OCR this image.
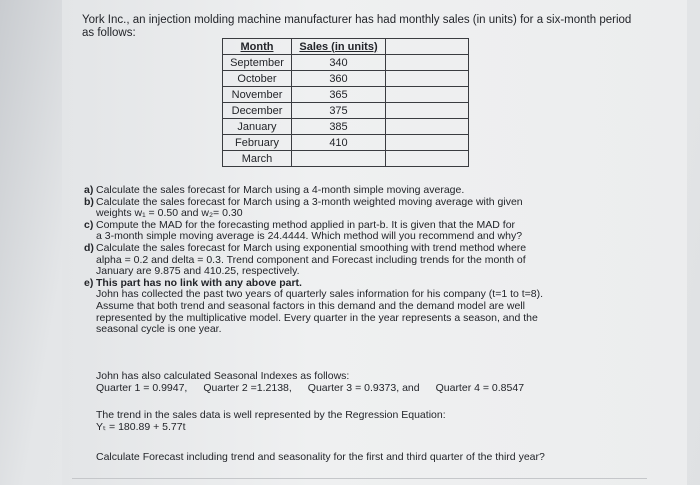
York Inc., an injection molding machine manufacturer has had monthly sales (in units) for a six-month period as follows:
Month	Sales (in units)	
September	340	
October	360	
November	365	
December	375	
January	385	
February	410	
March		
a) Calculate the sales forecast for March using a 4-month simple moving average.
b) Calculate the sales forecast for March using a 3-month weighted moving average with given
weights w₁ = 0.50 and w₂= 0.30
c) Compute the MAD for the forecasting method applied in part-b. It is given that the MAD for
a 3-month simple moving average is 24.4444. Which method will you recommend and why?
d) Calculate the sales forecast for March using exponential smoothing with trend method where
alpha = 0.2 and delta = 0.3. Trend component and Forecast including trends for the month of
January are 9.875 and 410.25, respectively.
e) This part has no link with any above part.
John has collected the past two years of quarterly sales information for his company (t=1 to t=8).
Assume that both trend and seasonal factors in this demand and the demand model are well
represented by the multiplicative model. Every quarter in the year represents a season, and the
seasonal cycle is one year.
John has also calculated Seasonal Indexes as follows:
Quarter 1 = 0.9947, Quarter 2 =1.2138, Quarter 3 = 0.9373, and Quarter 4 = 0.8547
The trend in the sales data is well represented by the Regression Equation:
Yₜ = 180.89 + 5.77t
Calculate Forecast including trend and seasonality for the first and third quarter of the third year?
